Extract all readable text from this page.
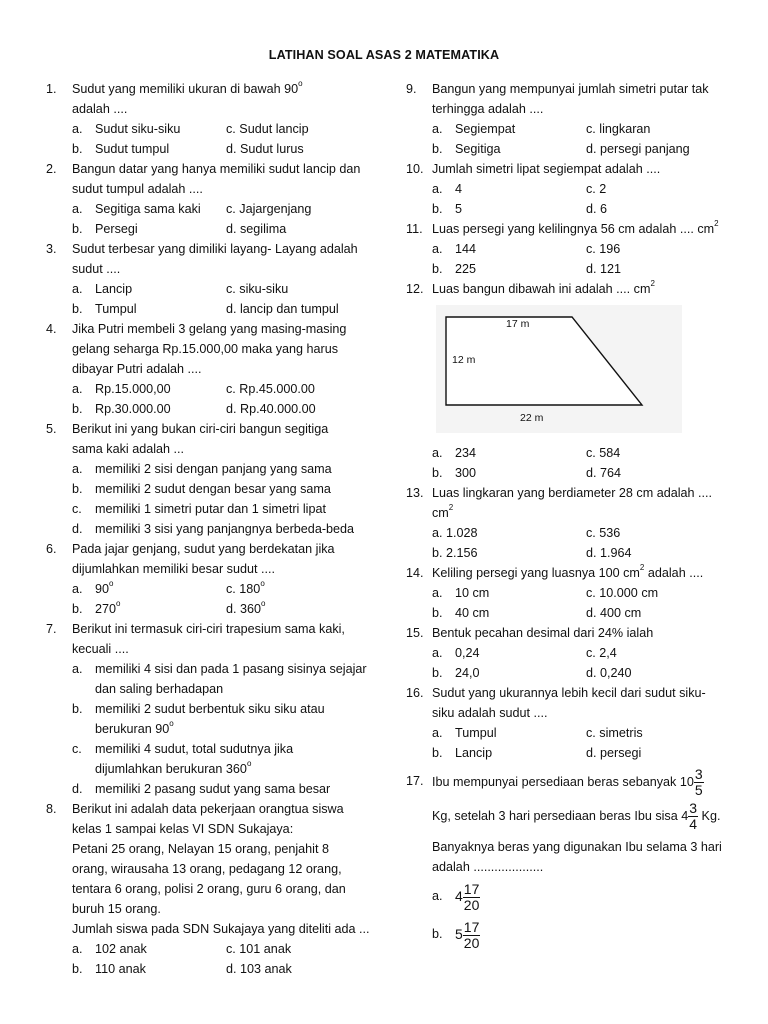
LATIHAN SOAL ASAS 2 MATEMATIKA
1. Sudut yang memiliki ukuran di bawah 90$^o$
adalah ....
a. Sudut siku-siku	c. Sudut lancip
b. Sudut tumpul	d. Sudut lurus
2. Bangun datar yang hanya memiliki sudut lancip dan
sudut tumpul adalah ....
a. Segitiga sama kaki	c. Jajargenjang
b. Persegi	d. segilima
3. Sudut terbesar yang dimiliki layang- Layang adalah
sudut ....
a. Lancip	c. siku-siku
b. Tumpul	d. lancip dan tumpul
4. Jika Putri membeli 3 gelang yang masing-masing
gelang seharga Rp.15.000,00 maka yang harus
dibayar Putri adalah ....
a. Rp.15.000,00	c. Rp.45.000.00
b. Rp.30.000.00	d. Rp.40.000.00
5. Berikut ini yang bukan ciri-ciri bangun segitiga
sama kaki adalah ...
a. memiliki 2 sisi dengan panjang yang sama
b. memiliki 2 sudut dengan besar yang sama
c. memiliki 1 simetri putar dan 1 simetri lipat
d. memiliki 3 sisi yang panjangnya berbeda-beda
6. Pada jajar genjang, sudut yang berdekatan jika
dijumlahkan memiliki besar sudut ....
a. 90$^o$	c. 180$^o$
b. 270$^o$	d. 360$^o$
7. Berikut ini termasuk ciri-ciri trapesium sama kaki,
kecuali ....
a. memiliki 4 sisi dan pada 1 pasang sisinya sejajar
dan saling berhadapan
b. memiliki 2 sudut berbentuk siku siku atau
berukuran 90$^o$
c. memiliki 4 sudut, total sudutnya jika
dijumlahkan berukuran 360$^o$
d. memiliki 2 pasang sudut yang sama besar
8. Berikut ini adalah data pekerjaan orangtua siswa
kelas 1 sampai kelas VI SDN Sukajaya:
Petani 25 orang, Nelayan 15 orang, penjahit 8
orang, wirausaha 13 orang, pedagang 12 orang,
tentara 6 orang, polisi 2 orang, guru 6 orang, dan
buruh 15 orang.
Jumlah siswa pada SDN Sukajaya yang diteliti ada ...
a. 102 anak	c. 101 anak
b. 110 anak	d. 103 anak
9. Bangun yang mempunyai jumlah simetri putar tak
terhingga adalah ....
a. Segiempat	c. lingkaran
b. Segitiga	d. persegi panjang
10. Jumlah simetri lipat segiempat adalah ....
a. 4	c. 2
b. 5	d. 6
11. Luas persegi yang kelilingnya 56 cm adalah .... $cm^2$
a. 144	c. 196
b. 225	d. 121
12. Luas bangun dibawah ini adalah .... $cm^2$
17 m
12 m
22 m
a. 234	c. 584
b. 300	d. 764
13. Luas lingkaran yang berdiameter 28 cm adalah ....
$cm^2$
a. 1.028	c. 536
b. 2.156	d. 1.964
14. Keliling persegi yang luasnya 100 $cm^2$ adalah ....
a. 10 cm	c. 10.000 cm
b. 40 cm	d. 400 cm
15. Bentuk pecahan desimal dari 24% ialah
a. 0,24	c. 2,4
b. 24,0	d. 0,240
16. Sudut yang ukurannya lebih kecil dari sudut siku-
siku adalah sudut ....
a. Tumpul	c. simetris
b. Lancip	d. persegi
17. Ibu mempunyai persediaan beras sebanyak $10 \frac{3}{5}$
Kg, setelah 3 hari persediaan beras Ibu sisa $4 \frac{3}{4} Kg$.
Banyaknya beras yang digunakan Ibu selama 3 hari
adalah ....................
a. $4 \frac{17}{20}$
b. $5 \frac{17}{20}$
